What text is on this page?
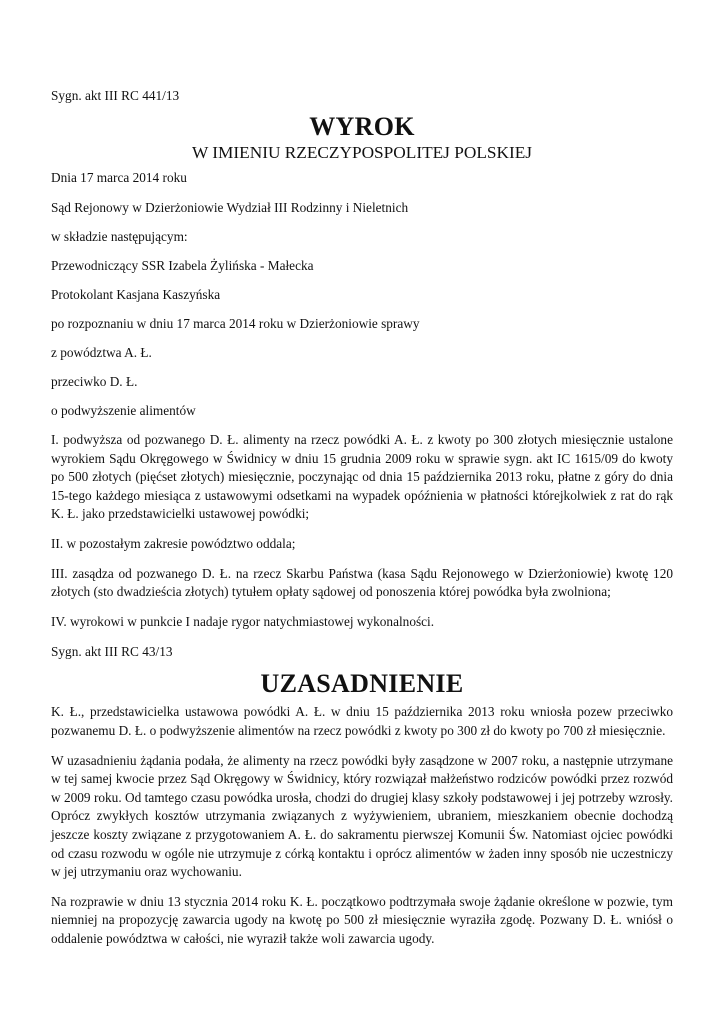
Sygn. akt III RC 441/13

WYROK
W IMIENIU RZECZYPOSPOLITEJ POLSKIEJ

Dnia 17 marca 2014 roku

Sąd Rejonowy w Dzierżoniowie Wydział III Rodzinny i Nieletnich

w składzie następującym:

Przewodniczący SSR Izabela Żylińska - Małecka

Protokolant Kasjana Kaszyńska

po rozpoznaniu w dniu 17 marca 2014 roku w Dzierżoniowie sprawy

z powództwa A. Ł.

przeciwko D. Ł.

o podwyższenie alimentów

I. podwyższa od pozwanego D. Ł. alimenty na rzecz powódki A. Ł. z kwoty po 300 złotych miesięcznie ustalone wyrokiem Sądu Okręgowego w Świdnicy w dniu 15 grudnia 2009 roku w sprawie sygn. akt IC 1615/09 do kwoty po 500 złotych (pięćset złotych) miesięcznie, poczynając od dnia 15 października 2013 roku, płatne z góry do dnia 15-tego każdego miesiąca z ustawowymi odsetkami na wypadek opóźnienia w płatności którejkolwiek z rat do rąk K. Ł. jako przedstawicielki ustawowej powódki;

II. w pozostałym zakresie powództwo oddala;

III. zasądza od pozwanego D. Ł. na rzecz Skarbu Państwa (kasa Sądu Rejonowego w Dzierżoniowie) kwotę 120 złotych (sto dwadzieścia złotych) tytułem opłaty sądowej od ponoszenia której powódka była zwolniona;

IV. wyrokowi w punkcie I nadaje rygor natychmiastowej wykonalności.

Sygn. akt III RC 43/13

UZASADNIENIE

K. Ł., przedstawicielka ustawowa powódki A. Ł. w dniu 15 października 2013 roku wniosła pozew przeciwko pozwanemu D. Ł. o podwyższenie alimentów na rzecz powódki z kwoty po 300 zł do kwoty po 700 zł miesięcznie.

W uzasadnieniu żądania podała, że alimenty na rzecz powódki były zasądzone w 2007 roku, a następnie utrzymane w tej samej kwocie przez Sąd Okręgowy w Świdnicy, który rozwiązał małżeństwo rodziców powódki przez rozwód w 2009 roku. Od tamtego czasu powódka urosła, chodzi do drugiej klasy szkoły podstawowej i jej potrzeby wzrosły. Oprócz zwykłych kosztów utrzymania związanych z wyżywieniem, ubraniem, mieszkaniem obecnie dochodzą jeszcze koszty związane z przygotowaniem A. Ł. do sakramentu pierwszej Komunii Św. Natomiast ojciec powódki od czasu rozwodu w ogóle nie utrzymuje z córką kontaktu i oprócz alimentów w żaden inny sposób nie uczestniczy w jej utrzymaniu oraz wychowaniu.

Na rozprawie w dniu 13 stycznia 2014 roku K. Ł. początkowo podtrzymała swoje żądanie określone w pozwie, tym niemniej na propozycję zawarcia ugody na kwotę po 500 zł miesięcznie wyraziła zgodę. Pozwany D. Ł. wniósł o oddalenie powództwa w całości, nie wyraził także woli zawarcia ugody.
